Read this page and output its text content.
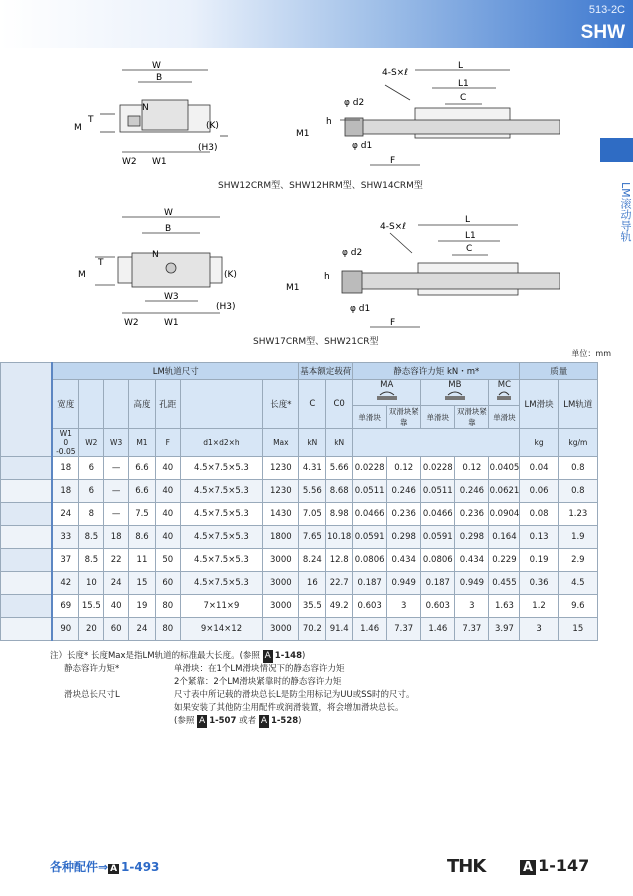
513-2C
SHW
LM滚动导轨
W
B
N
M
T
(K)
(H3)
W2 W1
4-S×ℓ
L
L1
C
h
φ d2
M1
φ d1
F
SHW12CRM型、SHW12HRM型、SHW14CRM型
W
B
N
M
T
(K)
(H3)
W3
W2	W1
4-S×ℓ
L
L1
C
h
φ d2
M1
φ d1
F
SHW17CRM型、SHW21CR型
单位：mm
	LM轨道尺寸							基本额定载荷		静态容许力矩 kN・m*					质量	
	宽度			高度	孔距		长度*	C	C0	MA		MB		MC	LM滑块	LM轨道
										单滑块	双滑块紧靠	单滑块	双滑块紧靠	单滑块		
	W1
0
-0.05	W2	W3	M1	F	d1×d2×h	Max	kN	kN						kg	kg/m
	18	6	—	6.6	40	4.5×7.5×5.3	1230	4.31	5.66	0.0228	0.12	0.0228	0.12	0.0405	0.04	0.8
	18	6	—	6.6	40	4.5×7.5×5.3	1230	5.56	8.68	0.0511	0.246	0.0511	0.246	0.0621	0.06	0.8
	24	8	—	7.5	40	4.5×7.5×5.3	1430	7.05	8.98	0.0466	0.236	0.0466	0.236	0.0904	0.08	1.23
	33	8.5	18	8.6	40	4.5×7.5×5.3	1800	7.65	10.18	0.0591	0.298	0.0591	0.298	0.164	0.13	1.9
	37	8.5	22	11	50	4.5×7.5×5.3	3000	8.24	12.8	0.0806	0.434	0.0806	0.434	0.229	0.19	2.9
	42	10	24	15	60	4.5×7.5×5.3	3000	16	22.7	0.187	0.949	0.187	0.949	0.455	0.36	4.5
	69	15.5	40	19	80	7×11×9	3000	35.5	49.2	0.603	3	0.603	3	1.63	1.2	9.6
	90	20	60	24	80	9×14×12	3000	70.2	91.4	1.46	7.37	1.46	7.37	3.97	3	15
注）长度* 长度Max是指LM轨道的标准最大长度。(参照 A 1-148)
静态容许力矩*	单滑块：在1个LM滑块情况下的静态容许力矩
2个紧靠：2个LM滑块紧靠时的静态容许力矩
滑块总长尺寸L	尺寸表中所记载的滑块总长L是防尘用标记为UU或SS时的尺寸。
如果安装了其他防尘用配件或润滑装置，将会增加滑块总长。
(参照 A 1-507 或者 A 1-528)
各种配件⇒ A 1-493	THK	A 1-147
